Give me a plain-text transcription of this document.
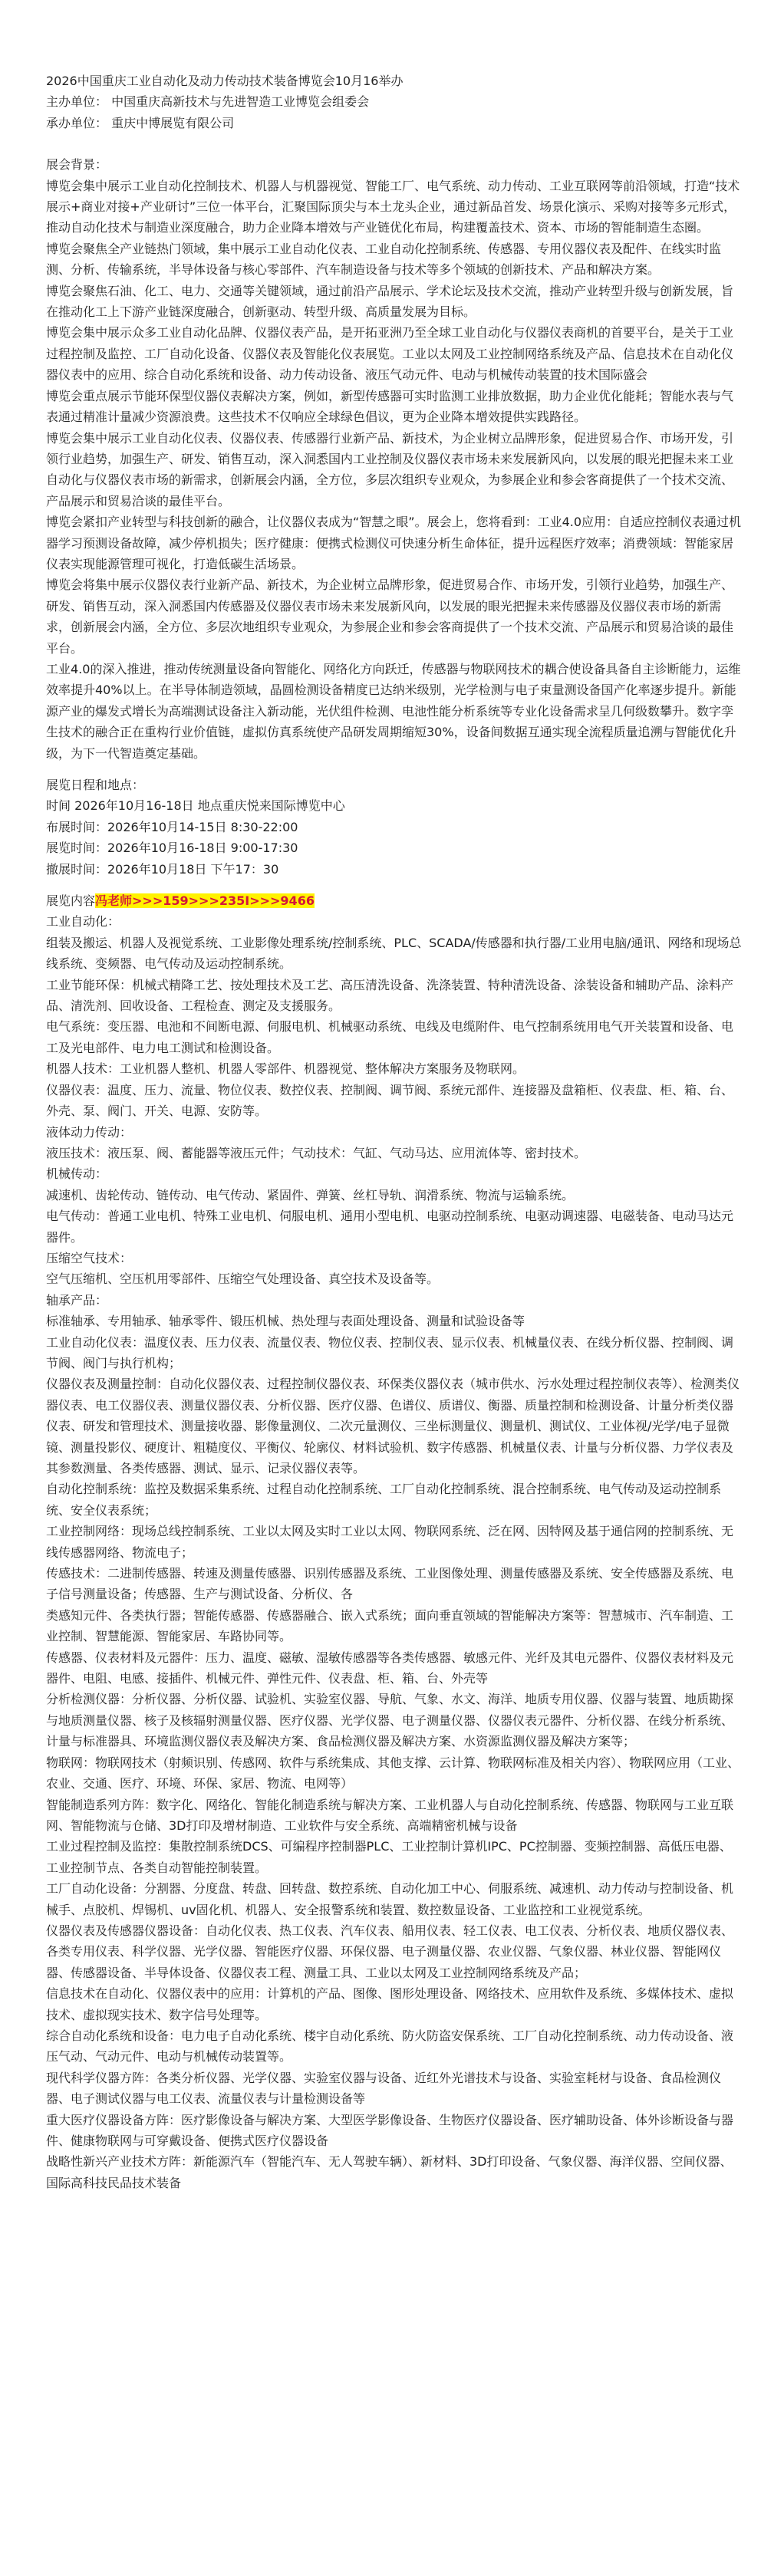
2026中国重庆工业自动化及动力传动技术装备博览会10月16举办
主办单位： 中国重庆高新技术与先进智造工业博览会组委会
承办单位： 重庆中博展览有限公司
展会背景：
博览会集中展示工业自动化控制技术、机器人与机器视觉、智能工厂、电气系统、动力传动、工业互联网等前沿领域，打造“技术展示+商业对接+产业研讨”三位一体平台，汇聚国际顶尖与本土龙头企业，通过新品首发、场景化演示、采购对接等多元形式，推动自动化技术与制造业深度融合，助力企业降本增效与产业链优化布局，构建覆盖技术、资本、市场的智能制造生态圈。
博览会聚焦全产业链热门领域，集中展示工业自动化仪表、工业自动化控制系统、传感器、专用仪器仪表及配件、在线实时监测、分析、传输系统，半导体设备与核心零部件、汽车制造设备与技术等多个领域的创新技术、产品和解决方案。
博览会聚焦石油、化工、电力、交通等关键领域，通过前沿产品展示、学术论坛及技术交流，推动产业转型升级与创新发展，旨在推动化工上下游产业链深度融合，创新驱动、转型升级、高质量发展为目标。
博览会集中展示众多工业自动化品牌、仪器仪表产品，是开拓亚洲乃至全球工业自动化与仪器仪表商机的首要平台，是关于工业过程控制及监控、工厂自动化设备、仪器仪表及智能化仪表展览。工业以太网及工业控制网络系统及产品、信息技术在自动化仪器仪表中的应用、综合自动化系统和设备、动力传动设备、液压气动元件、电动与机械传动装置的技术国际盛会
博览会重点展示节能环保型仪器仪表解决方案，例如，新型传感器可实时监测工业排放数据，助力企业优化能耗；智能水表与气表通过精准计量减少资源浪费。这些技术不仅响应全球绿色倡议，更为企业降本增效提供实践路径。
博览会集中展示工业自动化仪表、仪器仪表、传感器行业新产品、新技术，为企业树立品牌形象，促进贸易合作、市场开发，引领行业趋势，加强生产、研发、销售互动，深入洞悉国内工业控制及仪器仪表市场未来发展新风向，以发展的眼光把握未来工业自动化与仪器仪表市场的新需求，创新展会内涵，全方位，多层次组织专业观众，为参展企业和参会客商提供了一个技术交流、产品展示和贸易洽谈的最佳平台。
博览会紧扣产业转型与科技创新的融合，让仪器仪表成为“智慧之眼”。展会上，您将看到：工业4.0应用：自适应控制仪表通过机器学习预测设备故障，减少停机损失；医疗健康：便携式检测仪可快速分析生命体征，提升远程医疗效率；消费领域：智能家居仪表实现能源管理可视化，打造低碳生活场景。
博览会将集中展示仪器仪表行业新产品、新技术，为企业树立品牌形象，促进贸易合作、市场开发，引领行业趋势，加强生产、研发、销售互动，深入洞悉国内传感器及仪器仪表市场未来发展新风向，以发展的眼光把握未来传感器及仪器仪表市场的新需求，创新展会内涵，全方位、多层次地组织专业观众，为参展企业和参会客商提供了一个技术交流、产品展示和贸易洽谈的最佳平台。
工业4.0的深入推进，推动传统测量设备向智能化、网络化方向跃迁，传感器与物联网技术的耦合使设备具备自主诊断能力，运维效率提升40%以上。在半导体制造领域，晶圆检测设备精度已达纳米级别，光学检测与电子束量测设备国产化率逐步提升。新能源产业的爆发式增长为高端测试设备注入新动能，光伏组件检测、电池性能分析系统等专业化设备需求呈几何级数攀升。数字孪生技术的融合正在重构行业价值链，虚拟仿真系统使产品研发周期缩短30%，设备间数据互通实现全流程质量追溯与智能优化升级，为下一代智造奠定基础。
展览日程和地点：
时间 2026年10月16-18日 地点重庆悦来国际博览中心
布展时间：2026年10月14-15日 8:30-22:00
展览时间：2026年10月16-18日 9:00-17:30
撤展时间：2026年10月18日 下午17：30
展览内容冯老师>>>159>>>235I>>>9466
工业自动化：
组装及搬运、机器人及视觉系统、工业影像处理系统/控制系统、PLC、SCADA/传感器和执行器/工业用电脑/通讯、网络和现场总线系统、变频器、电气传动及运动控制系统。
工业节能环保：机械式精降工艺、按处理技术及工艺、高压清洗设备、洗涤装置、特种清洗设备、涂装设备和辅助产品、涂料产品、清洗剂、回收设备、工程检查、测定及支援服务。
电气系统：变压器、电池和不间断电源、伺服电机、机械驱动系统、电线及电缆附件、电气控制系统用电气开关装置和设备、电工及光电部件、电力电工测试和检测设备。
机器人技术：工业机器人整机、机器人零部件、机器视觉、整体解决方案服务及物联网。
仪器仪表：温度、压力、流量、物位仪表、数控仪表、控制阀、调节阀、系统元部件、连接器及盘箱柜、仪表盘、柜、箱、台、外壳、泵、阀门、开关、电源、安防等。
液体动力传动：
液压技术：液压泵、阀、蓄能器等液压元件；气动技术：气缸、气动马达、应用流体等、密封技术。
机械传动：
减速机、齿轮传动、链传动、电气传动、紧固件、弹簧、丝杠导轨、润滑系统、物流与运输系统。
电气传动：普通工业电机、特殊工业电机、伺服电机、通用小型电机、电驱动控制系统、电驱动调速器、电磁装备、电动马达元器件。
压缩空气技术：
空气压缩机、空压机用零部件、压缩空气处理设备、真空技术及设备等。
轴承产品：
标准轴承、专用轴承、轴承零件、锻压机械、热处理与表面处理设备、测量和试验设备等
工业自动化仪表：温度仪表、压力仪表、流量仪表、物位仪表、控制仪表、显示仪表、机械量仪表、在线分析仪器、控制阀、调节阀、阀门与执行机构；
仪器仪表及测量控制：自动化仪器仪表、过程控制仪器仪表、环保类仪器仪表（城市供水、污水处理过程控制仪表等）、检测类仪器仪表、电工仪器仪表、测量仪器仪表、分析仪器、医疗仪器、色谱仪、质谱仪、衡器、质量控制和检测设备、计量分析类仪器仪表、研发和管理技术、测量接收器、影像量测仪、二次元量测仪、三坐标测量仪、测量机、测试仪、工业体视/光学/电子显微镜、测量投影仪、硬度计、粗糙度仪、平衡仪、轮廓仪、材料试验机、数字传感器、机械量仪表、计量与分析仪器、力学仪表及其参数测量、各类传感器、测试、显示、记录仪器仪表等。
自动化控制系统：监控及数据采集系统、过程自动化控制系统、工厂自动化控制系统、混合控制系统、电气传动及运动控制系统、安全仪表系统；
工业控制网络：现场总线控制系统、工业以太网及实时工业以太网、物联网系统、泛在网、因特网及基于通信网的控制系统、无线传感器网络、物流电子；
传感技术：二进制传感器、转速及测量传感器、识别传感器及系统、工业图像处理、测量传感器及系统、安全传感器及系统、电子信号测量设备；传感器、生产与测试设备、分析仪、各
类感知元件、各类执行器；智能传感器、传感器融合、嵌入式系统；面向垂直领域的智能解决方案等：智慧城市、汽车制造、工业控制、智慧能源、智能家居、车路协同等。
传感器、仪表材料及元器件：压力、温度、磁敏、湿敏传感器等各类传感器、敏感元件、光纤及其电元器件、仪器仪表材料及元器件、电阻、电感、接插件、机械元件、弹性元件、仪表盘、柜、箱、台、外壳等
分析检测仪器：分析仪器、分析仪器、试验机、实验室仪器、导航、气象、水文、海洋、地质专用仪器、仪器与装置、地质勘探与地质测量仪器、核子及核辐射测量仪器、医疗仪器、光学仪器、电子测量仪器、仪器仪表元器件、分析仪器、在线分析系统、计量与标准器具、环境监测仪器仪表及解决方案、食品检测仪器及解决方案、水资源监测仪器及解决方案等；
物联网：物联网技术（射频识别、传感网、软件与系统集成、其他支撑、云计算、物联网标准及相关内容）、物联网应用（工业、农业、交通、医疗、环境、环保、家居、物流、电网等）
智能制造系列方阵：数字化、网络化、智能化制造系统与解决方案、工业机器人与自动化控制系统、传感器、物联网与工业互联网、智能物流与仓储、3D打印及增材制造、工业软件与安全系统、高端精密机械与设备
工业过程控制及监控：集散控制系统DCS、可编程序控制器PLC、工业控制计算机IPC、PC控制器、变频控制器、高低压电器、工业控制节点、各类自动智能控制装置。
工厂自动化设备：分割器、分度盘、转盘、回转盘、数控系统、自动化加工中心、伺服系统、减速机、动力传动与控制设备、机械手、点胶机、焊锡机、uv固化机、机器人、安全报警系统和装置、数控数显设备、工业监控和工业视觉系统。
仪器仪表及传感器仪器设备：自动化仪表、热工仪表、汽车仪表、船用仪表、轻工仪表、电工仪表、分析仪表、地质仪器仪表、各类专用仪表、科学仪器、光学仪器、智能医疗仪器、环保仪器、电子测量仪器、农业仪器、气象仪器、林业仪器、智能网仪器、传感器设备、半导体设备、仪器仪表工程、测量工具、工业以太网及工业控制网络系统及产品；
信息技术在自动化、仪器仪表中的应用：计算机的产品、图像、图形处理设备、网络技术、应用软件及系统、多媒体技术、虚拟技术、虚拟现实技术、数字信号处理等。
综合自动化系统和设备：电力电子自动化系统、楼宇自动化系统、防火防盗安保系统、工厂自动化控制系统、动力传动设备、液压气动、气动元件、电动与机械传动装置等。
现代科学仪器方阵：各类分析仪器、光学仪器、实验室仪器与设备、近红外光谱技术与设备、实验室耗材与设备、食品检测仪器、电子测试仪器与电工仪表、流量仪表与计量检测设备等
重大医疗仪器设备方阵：医疗影像设备与解决方案、大型医学影像设备、生物医疗仪器设备、医疗辅助设备、体外诊断设备与器件、健康物联网与可穿戴设备、便携式医疗仪器设备
战略性新兴产业技术方阵：新能源汽车（智能汽车、无人驾驶车辆）、新材料、3D打印设备、气象仪器、海洋仪器、空间仪器、国际高科技民品技术装备
